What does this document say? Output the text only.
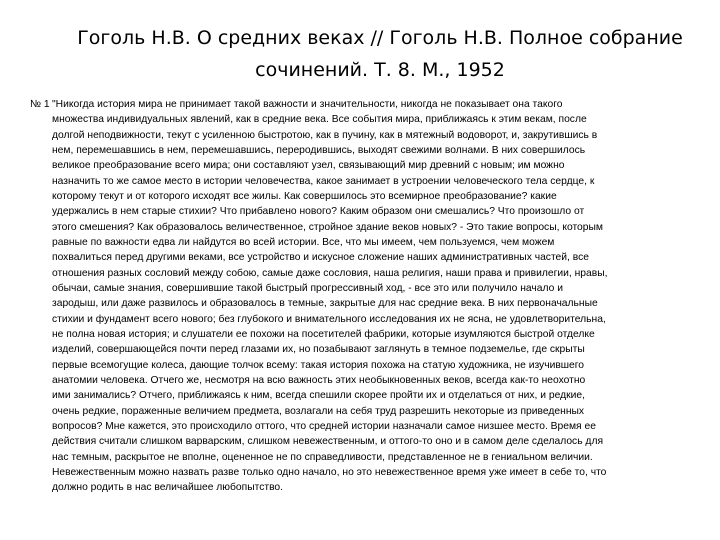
Гоголь Н.В. О средних веках // Гоголь Н.В. Полное собрание сочинений. Т. 8. М., 1952
№ 1 "Никогда история мира не принимает такой важности и значительности, никогда не показывает она такого
множества индивидуальных явлений, как в средние века. Все события мира, приближаясь к этим векам, после
долгой неподвижности, текут с усиленною быстротою, как в пучину, как в мятежный водоворот, и, закрутившись в
нем, перемешавшись в нем, перемешавшись, переродившись, выходят свежими волнами. В них совершилось
великое преобразование всего мира; они составляют узел, связывающий мир древний с новым; им можно
назначить то же самое место в истории человечества, какое занимает в устроении человеческого тела сердце, к
которому текут и от которого исходят все жилы. Как совершилось это всемирное преобразование? какие
удержались в нем старые стихии? Что прибавлено нового? Каким образом они смешались? Что произошло от
этого смешения? Как образовалось величественное, стройное здание веков новых? - Это такие вопросы, которым
равные по важности едва ли найдутся во всей истории. Все, что мы имеем, чем пользуемся, чем можем
похвалиться перед другими веками, все устройство и искусное сложение наших административных частей, все
отношения разных сословий между собою, самые даже сословия, наша религия, наши права и привилегии, нравы,
обычаи, самые знания, совершившие такой быстрый прогрессивный ход, - все это или получило начало и
зародыш, или даже развилось и образовалось в темные, закрытые для нас средние века. В них первоначальные
стихии и фундамент всего нового; без глубокого и внимательного исследования их не ясна, не удовлетворительна,
не полна новая история; и слушатели ее похожи на посетителей фабрики, которые изумляются быстрой отделке
изделий, совершающейся почти перед глазами их, но позабывают заглянуть в темное подземелье, где скрыты
первые всемогущие колеса, дающие толчок всему: такая история похожа на статую художника, не изучившего
анатомии человека. Отчего же, несмотря на всю важность этих необыкновенных веков, всегда как-то неохотно
ими занимались? Отчего, приближаясь к ним, всегда спешили скорее пройти их и отделаться от них, и редкие,
очень редкие, пораженные величием предмета, возлагали на себя труд разрешить некоторые из приведенных
вопросов? Мне кажется, это происходило оттого, что средней истории назначали самое низшее место. Время ее
действия считали слишком варварским, слишком невежественным, и оттого-то оно и в самом деле сделалось для
нас темным, раскрытое не вполне, оцененное не по справедливости, представленное не в гениальном величии.
Невежественным можно назвать разве только одно начало, но это невежественное время уже имеет в себе то, что
должно родить в нас величайшее любопытство.
